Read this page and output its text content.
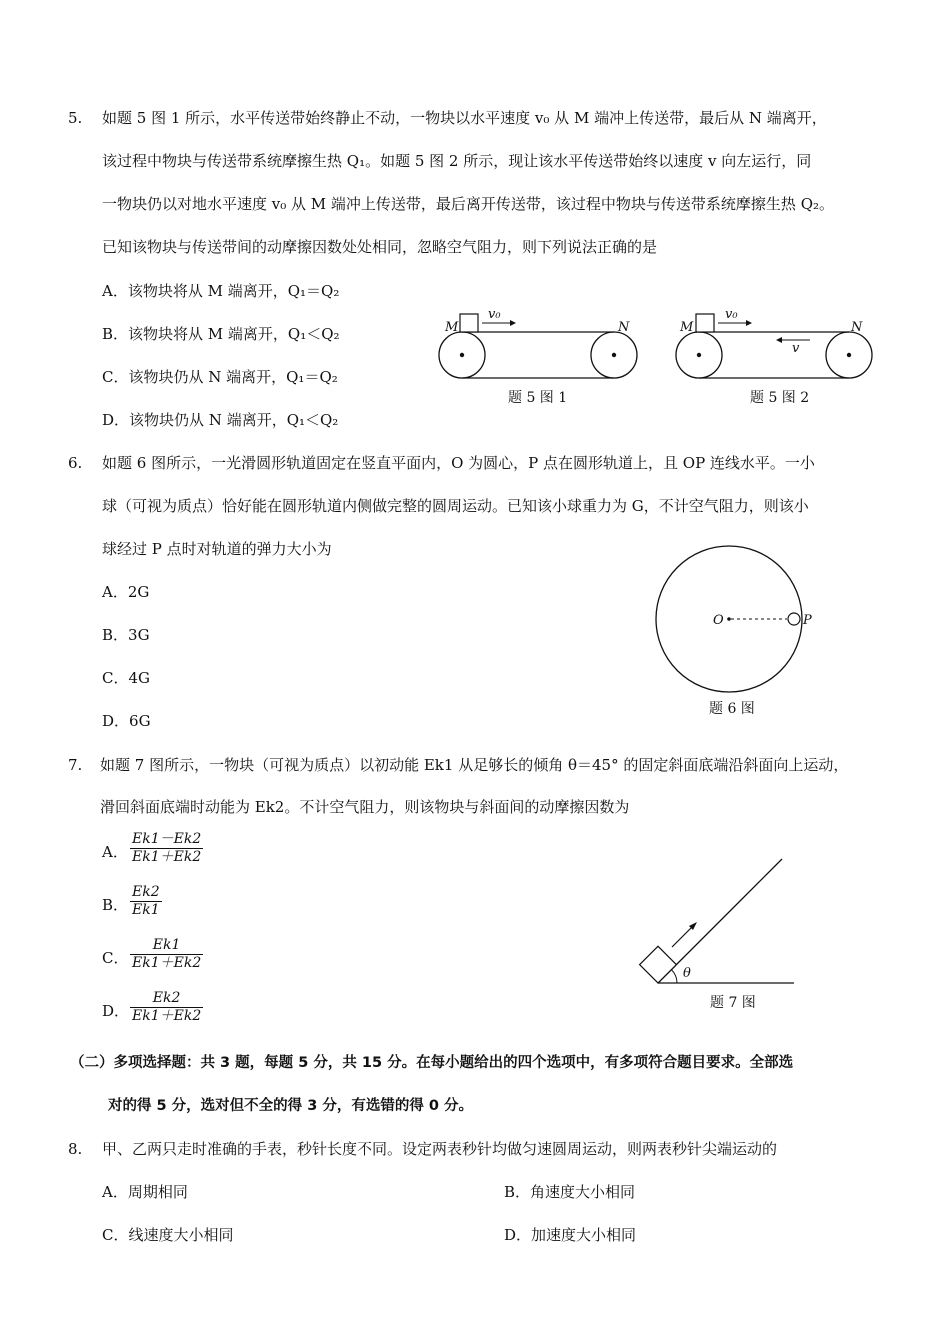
5. 如题 5 图 1 所示，水平传送带始终静止不动，一物块以水平速度 v₀ 从 M 端冲上传送带，最后从 N 端离开，
该过程中物块与传送带系统摩擦生热 Q₁。如题 5 图 2 所示，现让该水平传送带始终以速度 v 向左运行，同
一物块仍以对地水平速度 v₀ 从 M 端冲上传送带，最后离开传送带，该过程中物块与传送带系统摩擦生热 Q₂。
已知该物块与传送带间的动摩擦因数处处相同，忽略空气阻力，则下列说法正确的是
A．该物块将从 M 端离开，Q₁＝Q₂
B．该物块将从 M 端离开，Q₁＜Q₂
C．该物块仍从 N 端离开，Q₁＝Q₂
D．该物块仍从 N 端离开，Q₁＜Q₂
M	N
v₀
题 5 图 1
M	N
v₀
v
题 5 图 2
6. 如题 6 图所示，一光滑圆形轨道固定在竖直平面内，O 为圆心，P 点在圆形轨道上，且 OP 连线水平。一小
球（可视为质点）恰好能在圆形轨道内侧做完整的圆周运动。已知该小球重力为 G，不计空气阻力，则该小
球经过 P 点时对轨道的弹力大小为
A．2G
B．3G
C．4G
D．6G
O	P
题 6 图
7. 如题 7 图所示，一物块（可视为质点）以初动能 Ek1 从足够长的倾角 θ＝45° 的固定斜面底端沿斜面向上运动，
滑回斜面底端时动能为 Ek2。不计空气阻力，则该物块与斜面间的动摩擦因数为
A． $\frac{Ek1-Ek2}{Ek1+Ek2}$
B． $\frac{Ek2}{Ek1}$
C． $\frac{Ek1}{Ek1+Ek2}$
D． $\frac{Ek2}{Ek1+Ek2}$
θ
题 7 图
（二）多项选择题：共 3 题，每题 5 分，共 15 分。在每小题给出的四个选项中，有多项符合题目要求。全部选
对的得 5 分，选对但不全的得 3 分，有选错的得 0 分。
8. 甲、乙两只走时准确的手表，秒针长度不同。设定两表秒针均做匀速圆周运动，则两表秒针尖端运动的
A．周期相同	B．角速度大小相同
C．线速度大小相同	D．加速度大小相同
